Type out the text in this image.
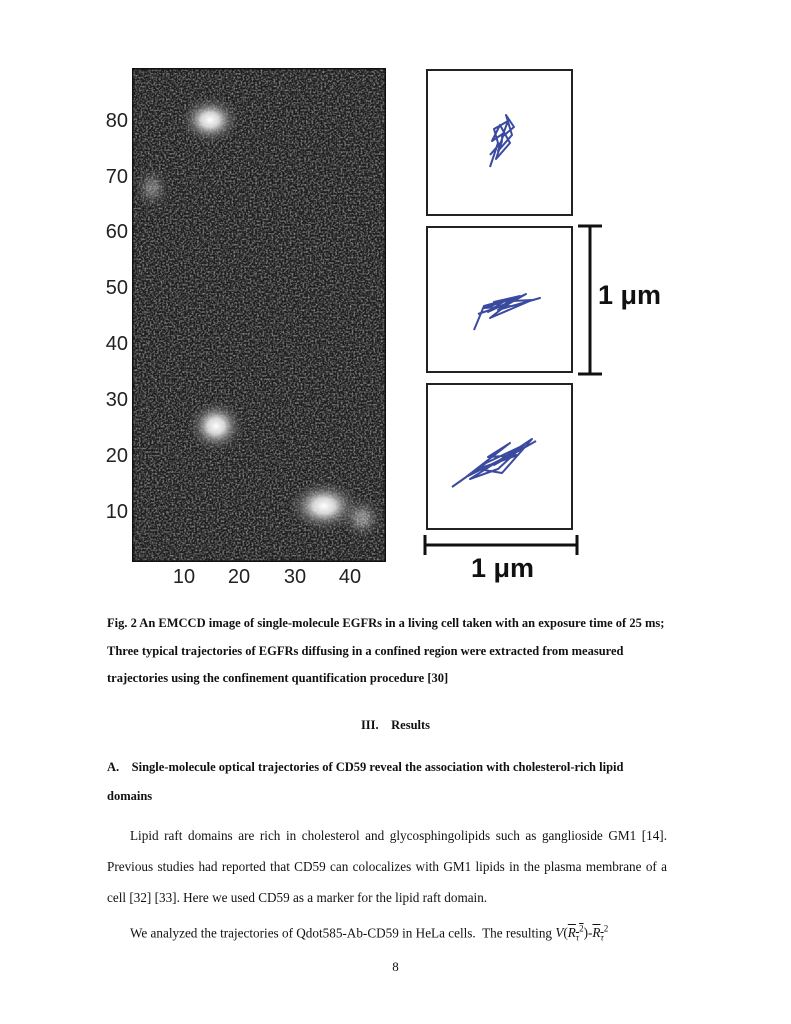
80
70
60
50
40
30
20
10
10	20	30	40
1 μm
1 μm
Fig. 2 An EMCCD image of single-molecule EGFRs in a living cell taken with an exposure time of 25 ms; Three typical trajectories of EGFRs diffusing in a confined region were extracted from measured trajectories using the confinement quantification procedure [30]
III.    Results
A.    Single-molecule optical trajectories of CD59 reveal the association with cholesterol-rich lipid domains
Lipid raft domains are rich in cholesterol and glycosphingolipids such as ganglioside GM1 [14]. Previous studies had reported that CD59 can colocalizes with GM1 lipids in the plasma membrane of a cell [32] [33]. Here we used CD59 as a marker for the lipid raft domain.
We analyzed the trajectories of Qdot585-Ab-CD59 in HeLa cells.  The resulting $V(R_\tau^2)-R_\tau^2$
8
